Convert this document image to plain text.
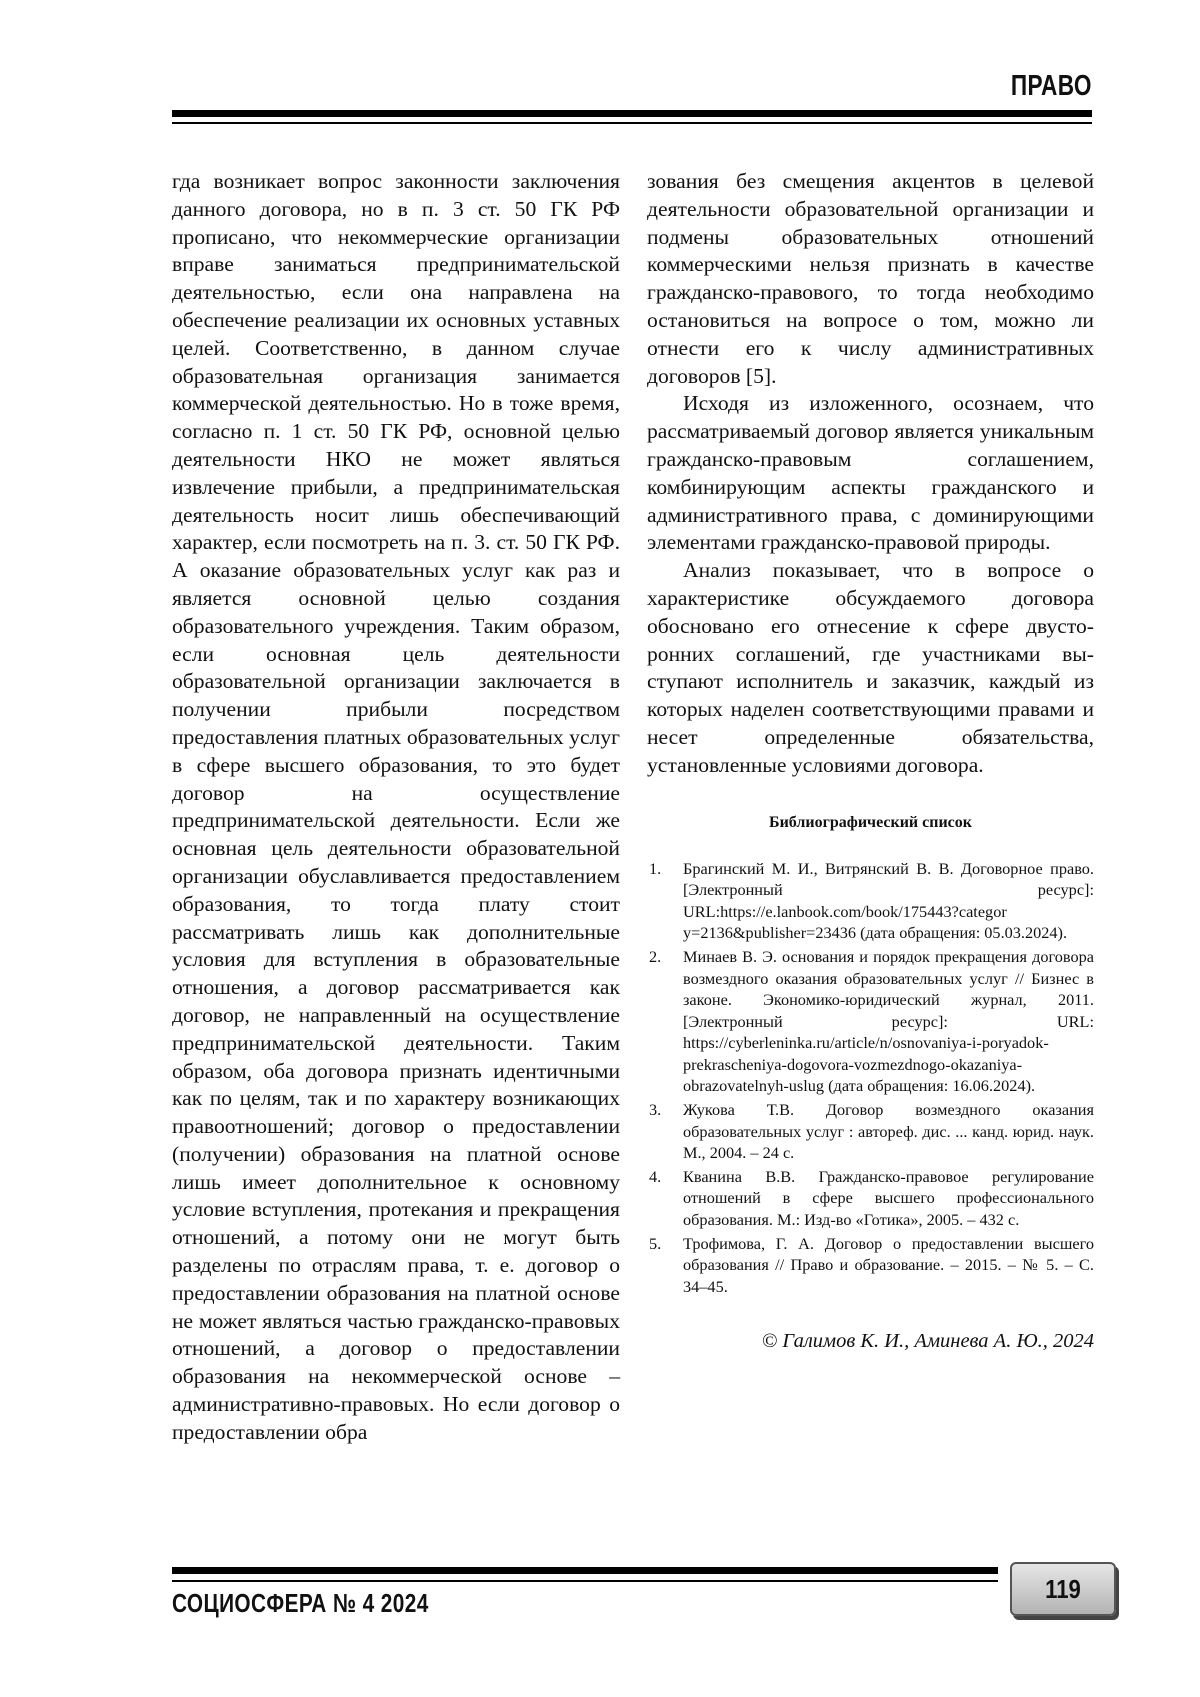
ПРАВО

гда возникает вопрос законности заключения данного договора, но в п. 3 ст. 50 ГК РФ прописано, что некоммерческие организации вправе заниматься предпринимательской деятельностью, если она направлена на обеспечение реализации их основных уставных целей. Соответственно, в данном случае образовательная организация занимается коммерческой деятельностью. Но в тоже время, согласно п. 1 ст. 50 ГК РФ, основной целью деятельности НКО не может являться извлечение прибыли, а предпринимательская деятельность носит лишь обеспечивающий характер, если посмотреть на п. 3. ст. 50 ГК РФ. А оказание образовательных услуг как раз и является основной целью создания образовательного учреждения. Таким образом, если основная цель деятельности образовательной организации заключается в получении прибыли посредством предоставления платных образовательных услуг в сфере высшего образования, то это будет договор на осуществление предпринимательской деятельности. Если же основная цель деятельности образовательной организации обуславливается предоставлением образования, то тогда плату стоит рассматривать лишь как дополнительные условия для вступления в образовательные отношения, а договор рассматривается как договор, не направленный на осуществление предпринимательской деятельности. Таким образом, оба договора признать идентичными как по целям, так и по характеру возникающих правоотношений; договор о предоставлении (получении) образования на платной основе лишь имеет дополнительное к основному условие вступления, протекания и прекращения отношений, а потому они не могут быть разделены по отраслям права, т. е. договор о предоставлении образования на платной основе не может являться частью гражданско-правовых отношений, а договор о предоставлении образования на некоммерческой основе – административно-правовых. Но если договор о предоставлении обра

зования без смещения акцентов в целевой деятельности образовательной организации и подмены образовательных отношений коммерческими нельзя признать в качестве гражданско-правового, то тогда необходимо остановиться на вопросе о том, можно ли отнести его к числу административных договоров [5].

Исходя из изложенного, осознаем, что рассматриваемый договор является уникальным гражданско-правовым соглашением, комбинирующим аспекты гражданского и административного права, с доминирующими элементами гражданско-правовой природы.

Анализ показывает, что в вопросе о характеристике обсуждаемого договора обосновано его отнесение к сфере двусторонних соглашений, где участниками выступают исполнитель и заказчик, каждый из которых наделен соответствующими правами и несет определенные обязательства, установленные условиями договора.

Библиографический список
1. Брагинский М. И., Витрянский В. В. Договорное право. [Электронный ресурс]: URL:https://e.lanbook.com/book/175443?categor y=2136&publisher=23436 (дата обращения: 05.03.2024).
2. Минаев В. Э. основания и порядок прекращения договора возмездного оказания образовательных услуг // Бизнес в законе. Экономико-юридический журнал, 2011. [Электронный ресурс]: URL: https://cyberleninka.ru/article/n/osnovaniya-i-poryadok-prekrascheniya-dogovora-vozmezdnogo-okazaniya-obrazovatelnyh-uslug (дата обращения: 16.06.2024).
3. Жукова Т.В. Договор возмездного оказания образовательных услуг : автореф. дис. ... канд. юрид. наук. М., 2004. – 24 с.
4. Кванина В.В. Гражданско-правовое регулирование отношений в сфере высшего профессионального образования. М.: Изд-во «Готика», 2005. – 432 с.
5. Трофимова, Г. А. Договор о предоставлении высшего образования // Право и образование. – 2015. – № 5. – С. 34–45.
© Галимов К. И., Аминева А. Ю., 2024
СОЦИОСФЕРА № 4 2024	119
